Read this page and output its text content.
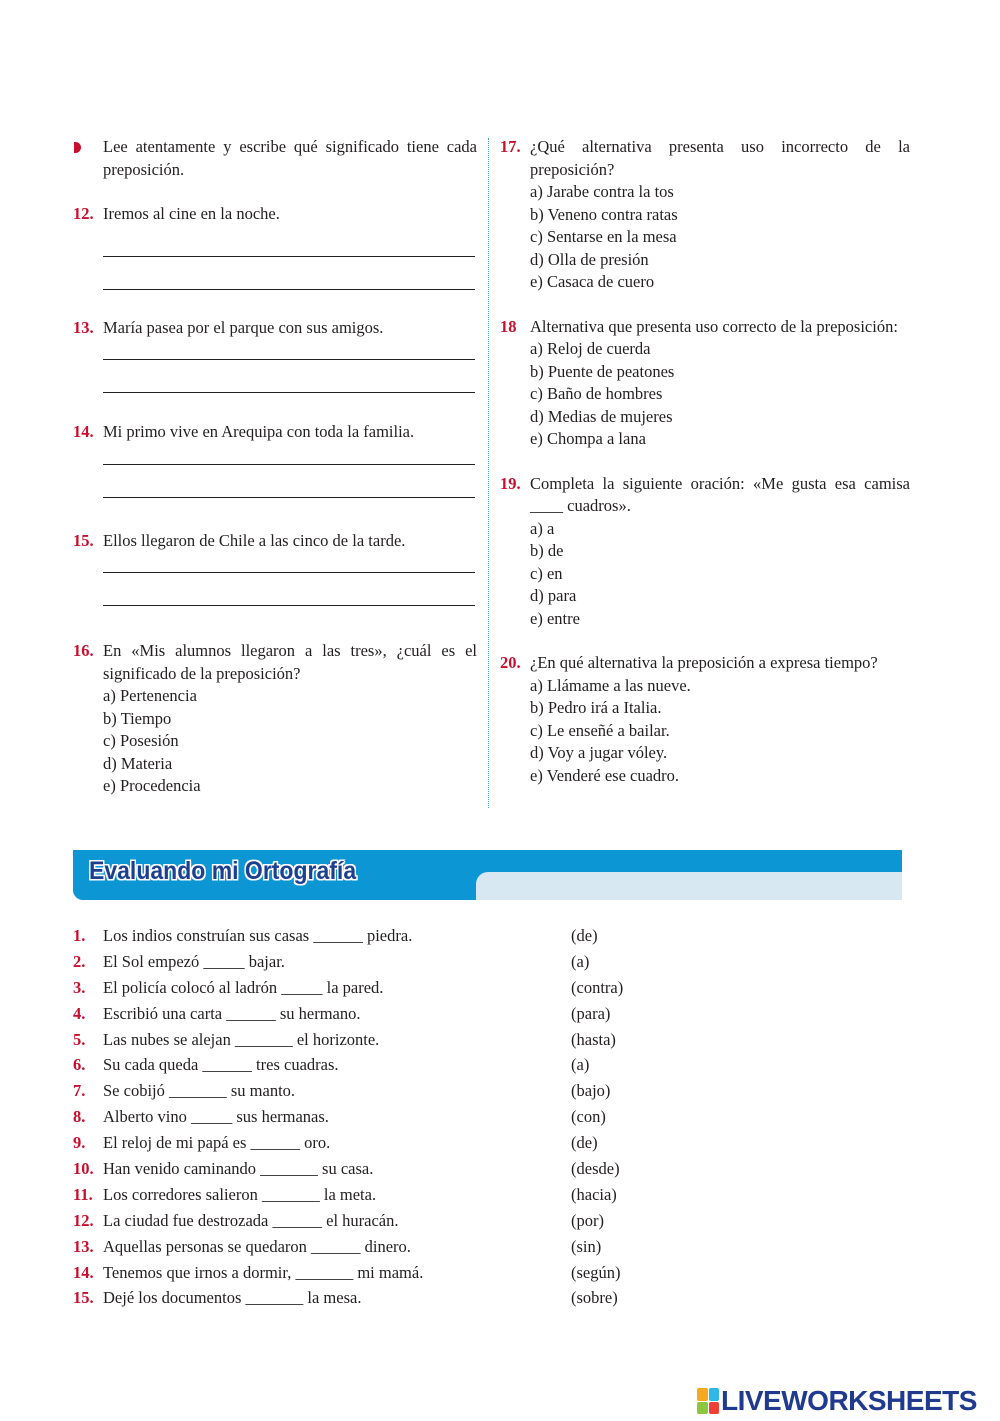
Lee atentamente y escribe qué significado tiene cada preposición.
12. Iremos al cine en la noche.
13. María pasea por el parque con sus amigos.
14. Mi primo vive en Arequipa con toda la familia.
15. Ellos llegaron de Chile a las cinco de la tarde.
16. En «Mis alumnos llegaron a las tres», ¿cuál es el significado de la preposición?
a) Pertenencia
b) Tiempo
c) Posesión
d) Materia
e) Procedencia
17. ¿Qué alternativa presenta uso incorrecto de la preposición?
a) Jarabe contra la tos
b) Veneno contra ratas
c) Sentarse en la mesa
d) Olla de presión
e) Casaca de cuero
18 Alternativa que presenta uso correcto de la preposición:
a) Reloj de cuerda
b) Puente de peatones
c) Baño de hombres
d) Medias de mujeres
e) Chompa a lana
19. Completa la siguiente oración: «Me gusta esa camisa ____ cuadros».
a) a
b) de
c) en
d) para
e) entre
20. ¿En qué alternativa la preposición a expresa tiempo?
a) Llámame a las nueve.
b) Pedro irá a Italia.
c) Le enseñé a bailar.
d) Voy a jugar vóley.
e) Venderé ese cuadro.
Evaluando mi Ortografía
1. Los indios construían sus casas ______ piedra.	(de)
2. El Sol empezó _____ bajar.	(a)
3. El policía colocó al ladrón _____ la pared.	(contra)
4. Escribió una carta ______ su hermano.	(para)
5. Las nubes se alejan _______ el horizonte.	(hasta)
6. Su cada queda ______ tres cuadras.	(a)
7. Se cobijó _______ su manto.	(bajo)
8. Alberto vino _____ sus hermanas.	(con)
9. El reloj de mi papá es ______ oro.	(de)
10. Han venido caminando _______ su casa.	(desde)
11. Los corredores salieron _______ la meta.	(hacia)
12. La ciudad fue destrozada ______ el huracán.	(por)
13. Aquellas personas se quedaron ______ dinero.	(sin)
14. Tenemos que irnos a dormir, _______ mi mamá.	(según)
15. Dejé los documentos _______ la mesa.	(sobre)
LIVEWORKSHEETS
